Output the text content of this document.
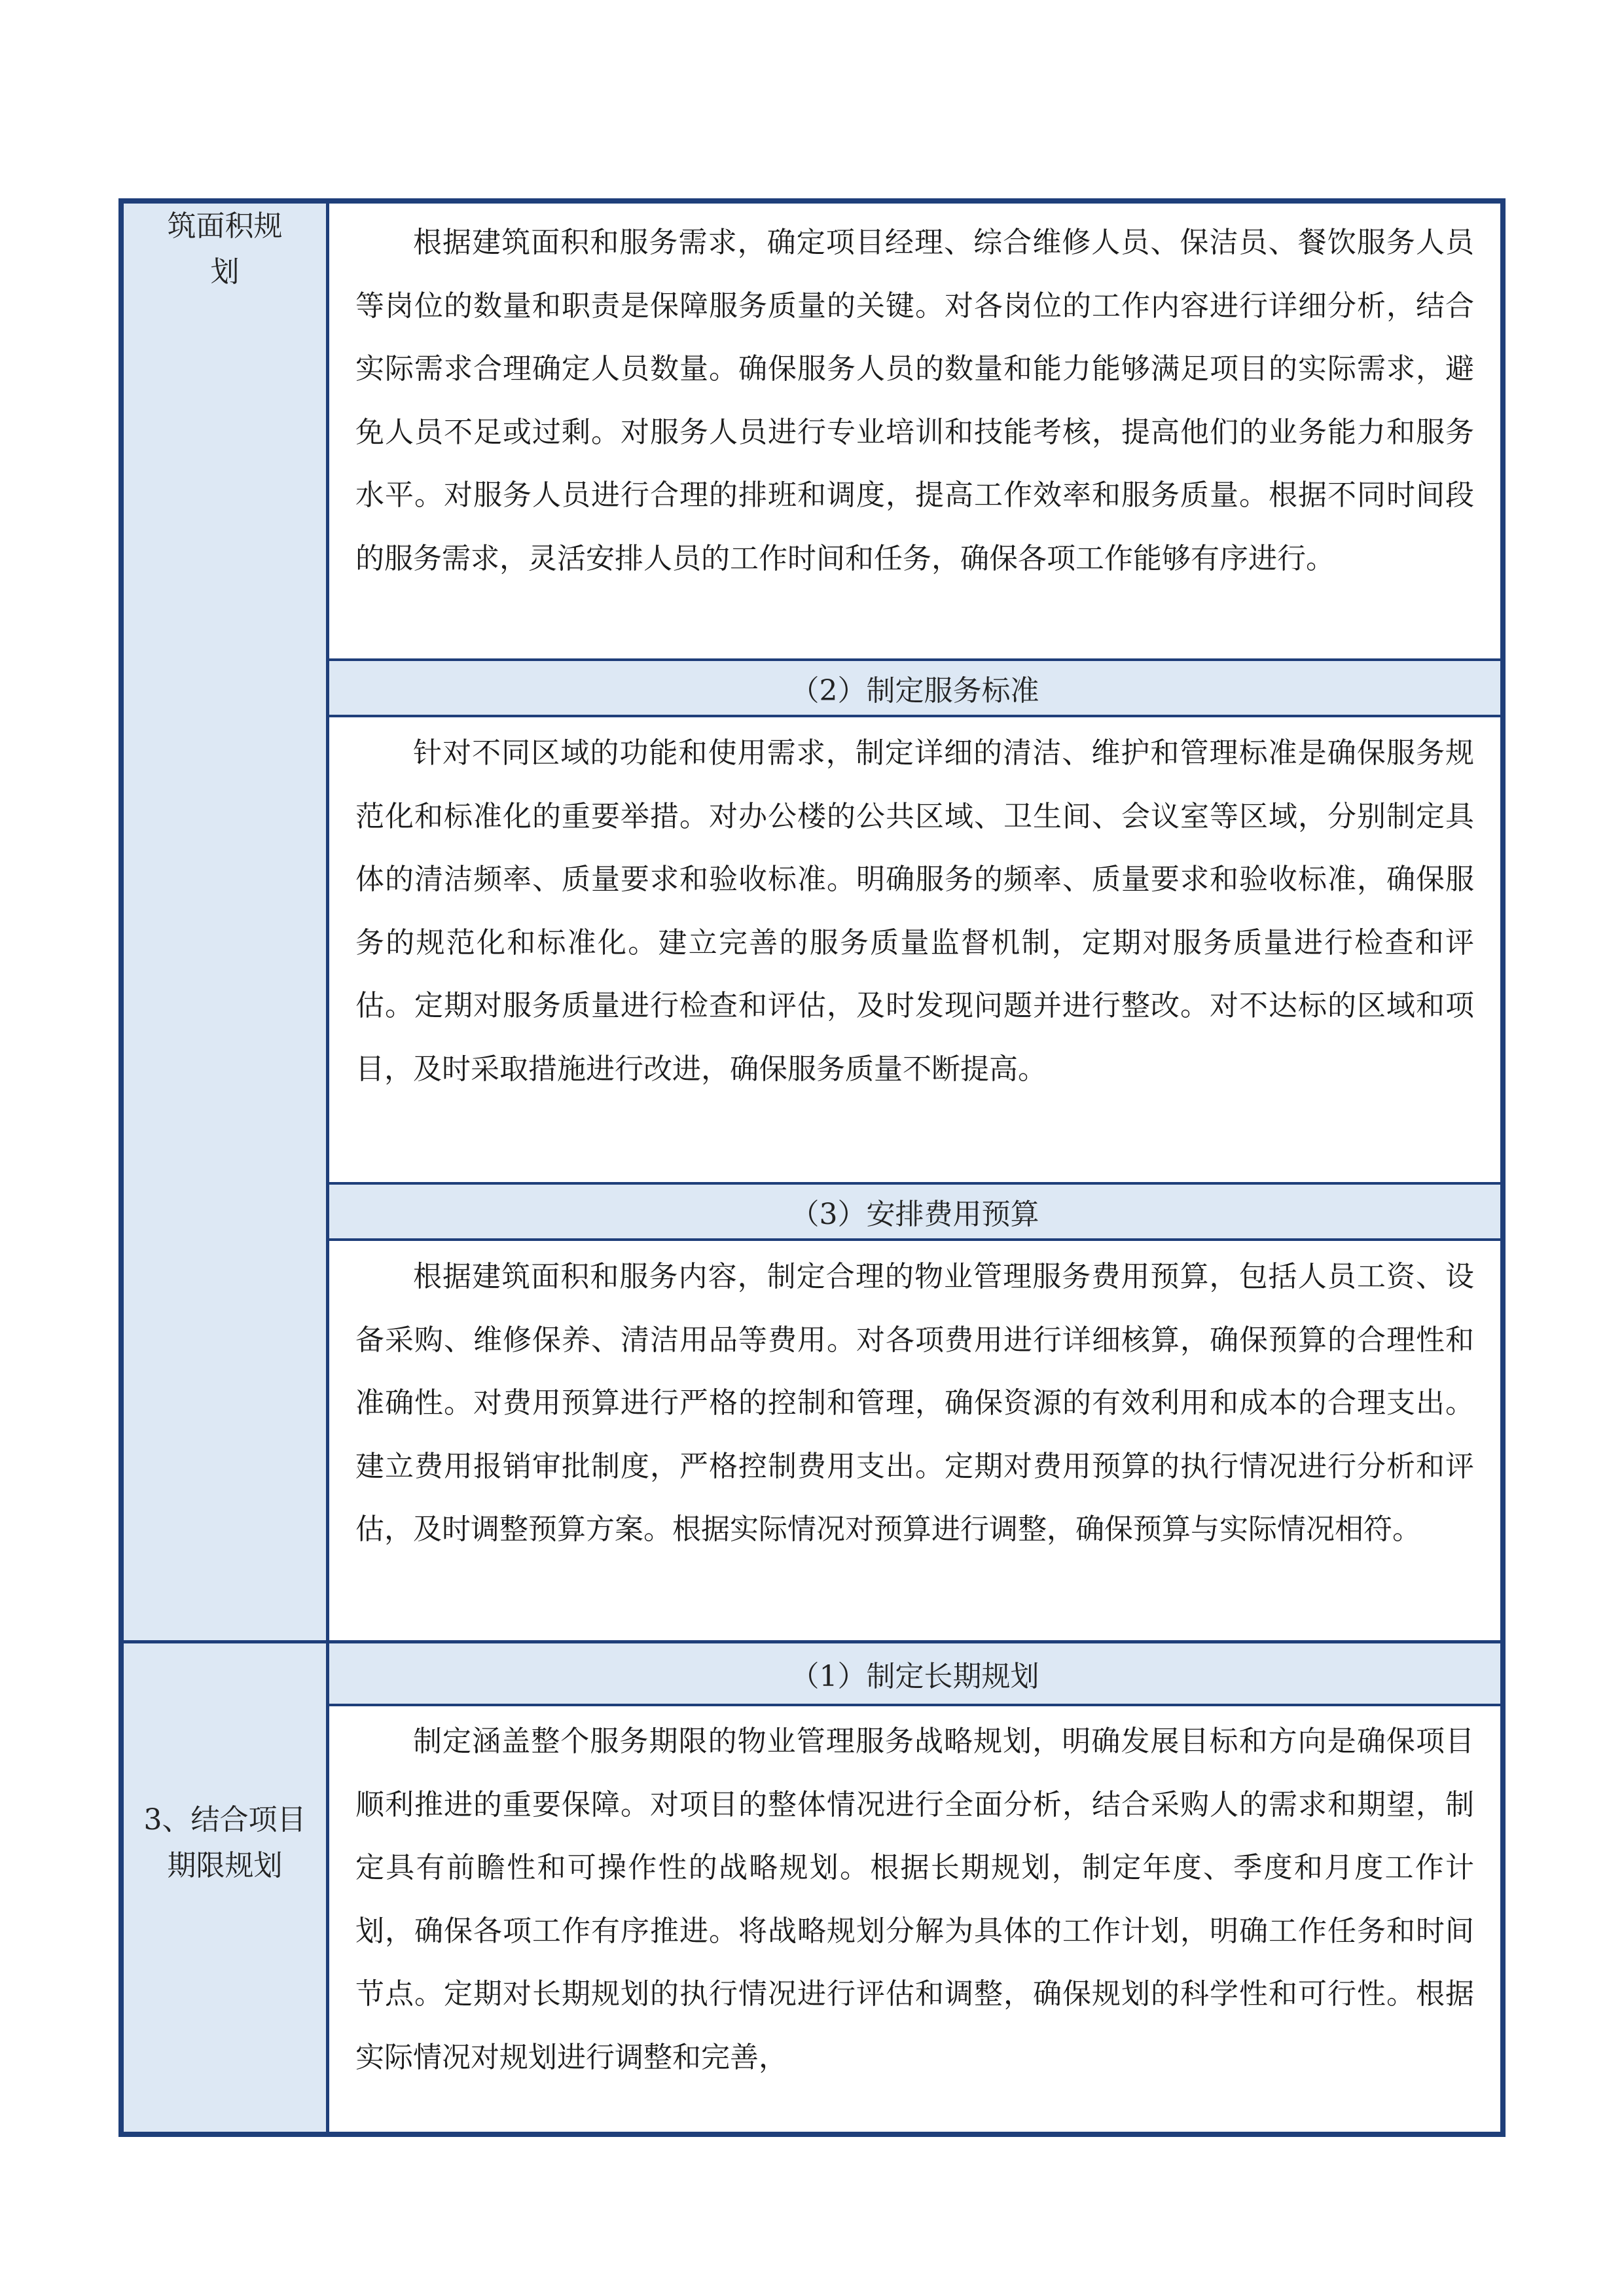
筑面积规划

根据建筑面积和服务需求，确定项目经理、综合维修人员、保洁员、餐饮服务人员等岗位的数量和职责是保障服务质量的关键。对各岗位的工作内容进行详细分析，结合实际需求合理确定人员数量。确保服务人员的数量和能力能够满足项目的实际需求，避免人员不足或过剩。对服务人员进行专业培训和技能考核，提高他们的业务能力和服务水平。对服务人员进行合理的排班和调度，提高工作效率和服务质量。根据不同时间段的服务需求，灵活安排人员的工作时间和任务，确保各项工作能够有序进行。

（2）制定服务标准

针对不同区域的功能和使用需求，制定详细的清洁、维护和管理标准是确保服务规范化和标准化的重要举措。对办公楼的公共区域、卫生间、会议室等区域，分别制定具体的清洁频率、质量要求和验收标准。明确服务的频率、质量要求和验收标准，确保服务的规范化和标准化。建立完善的服务质量监督机制，定期对服务质量进行检查和评估。定期对服务质量进行检查和评估，及时发现问题并进行整改。对不达标的区域和项目，及时采取措施进行改进，确保服务质量不断提高。

（3）安排费用预算

根据建筑面积和服务内容，制定合理的物业管理服务费用预算，包括人员工资、设备采购、维修保养、清洁用品等费用。对各项费用进行详细核算，确保预算的合理性和准确性。对费用预算进行严格的控制和管理，确保资源的有效利用和成本的合理支出。建立费用报销审批制度，严格控制费用支出。定期对费用预算的执行情况进行分析和评估，及时调整预算方案。根据实际情况对预算进行调整，确保预算与实际情况相符。

3、结合项目期限规划
（1）制定长期规划

制定涵盖整个服务期限的物业管理服务战略规划，明确发展目标和方向是确保项目顺利推进的重要保障。对项目的整体情况进行全面分析，结合采购人的需求和期望，制定具有前瞻性和可操作性的战略规划。根据长期规划，制定年度、季度和月度工作计划，确保各项工作有序推进。将战略规划分解为具体的工作计划，明确工作任务和时间节点。定期对长期规划的执行情况进行评估和调整，确保规划的科学性和可行性。根据实际情况对规划进行调整和完善，
